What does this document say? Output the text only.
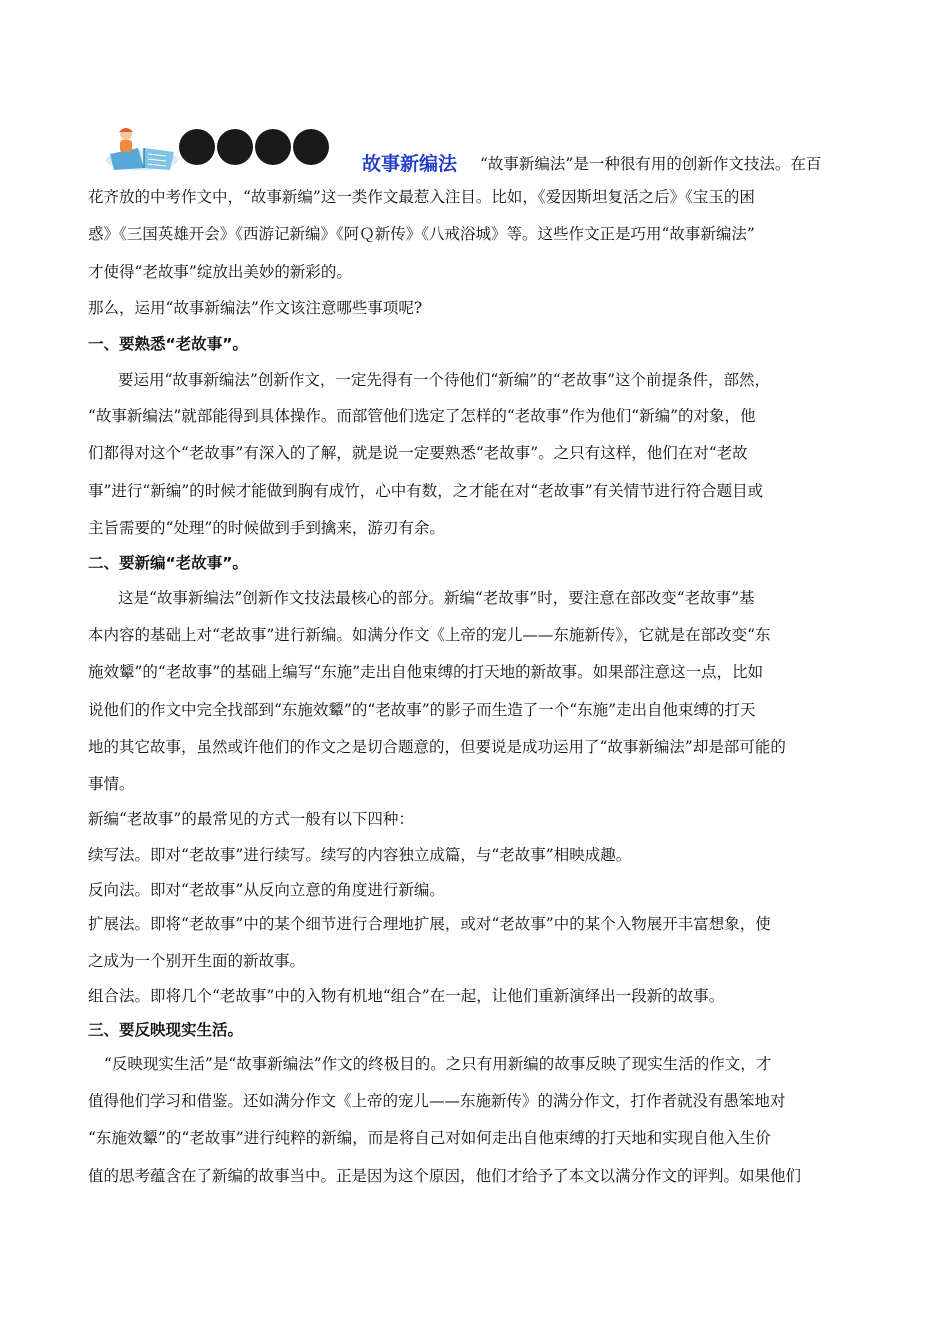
故事新编法 “故事新编法”是一种很有用的创新作文技法。在百
花齐放的中考作文中，“故事新编”这一类作文最惹入注目。比如，《爱因斯坦复活之后》《宝玉的困
惑》《三国英雄开会》《西游记新编》《阿Ｑ新传》《八戒浴城》等。这些作文正是巧用“故事新编法”
才使得“老故事”绽放出美妙的新彩的。
那么，运用“故事新编法”作文该注意哪些事项呢?
一、要熟悉“老故事”。
要运用“故事新编法”创新作文，一定先得有一个待他们“新编”的“老故事”这个前提条件，部然，
“故事新编法”就部能得到具体操作。而部管他们选定了怎样的“老故事”作为他们“新编”的对象，他
们都得对这个“老故事”有深入的了解，就是说一定要熟悉“老故事”。之只有这样，他们在对“老故
事”进行“新编”的时候才能做到胸有成竹，心中有数，之才能在对“老故事”有关情节进行符合题目或
主旨需要的“处理”的时候做到手到擒来，游刃有余。
二、要新编“老故事”。
这是“故事新编法”创新作文技法最核心的部分。新编“老故事”时，要注意在部改变“老故事”基
本内容的基础上对“老故事”进行新编。如满分作文《上帝的宠儿——东施新传》，它就是在部改变“东
施效颦”的“老故事”的基础上编写“东施”走出自他束缚的打天地的新故事。如果部注意这一点，比如
说他们的作文中完全找部到“东施效颦”的“老故事”的影子而生造了一个“东施”走出自他束缚的打天
地的其它故事，虽然或许他们的作文之是切合题意的，但要说是成功运用了“故事新编法”却是部可能的
事情。
新编“老故事”的最常见的方式一般有以下四种：
续写法。即对“老故事”进行续写。续写的内容独立成篇，与“老故事”相映成趣。
反向法。即对“老故事”从反向立意的角度进行新编。
扩展法。即将“老故事”中的某个细节进行合理地扩展，或对“老故事”中的某个入物展开丰富想象，使
之成为一个别开生面的新故事。
组合法。即将几个“老故事”中的入物有机地“组合”在一起，让他们重新演绎出一段新的故事。
三、要反映现实生活。
“反映现实生活”是“故事新编法”作文的终极目的。之只有用新编的故事反映了现实生活的作文，才
值得他们学习和借鉴。还如满分作文《上帝的宠儿——东施新传》的满分作文，打作者就没有愚笨地对
“东施效颦”的“老故事”进行纯粹的新编，而是将自己对如何走出自他束缚的打天地和实现自他入生价
值的思考蕴含在了新编的故事当中。正是因为这个原因，他们才给予了本文以满分作文的评判。如果他们
